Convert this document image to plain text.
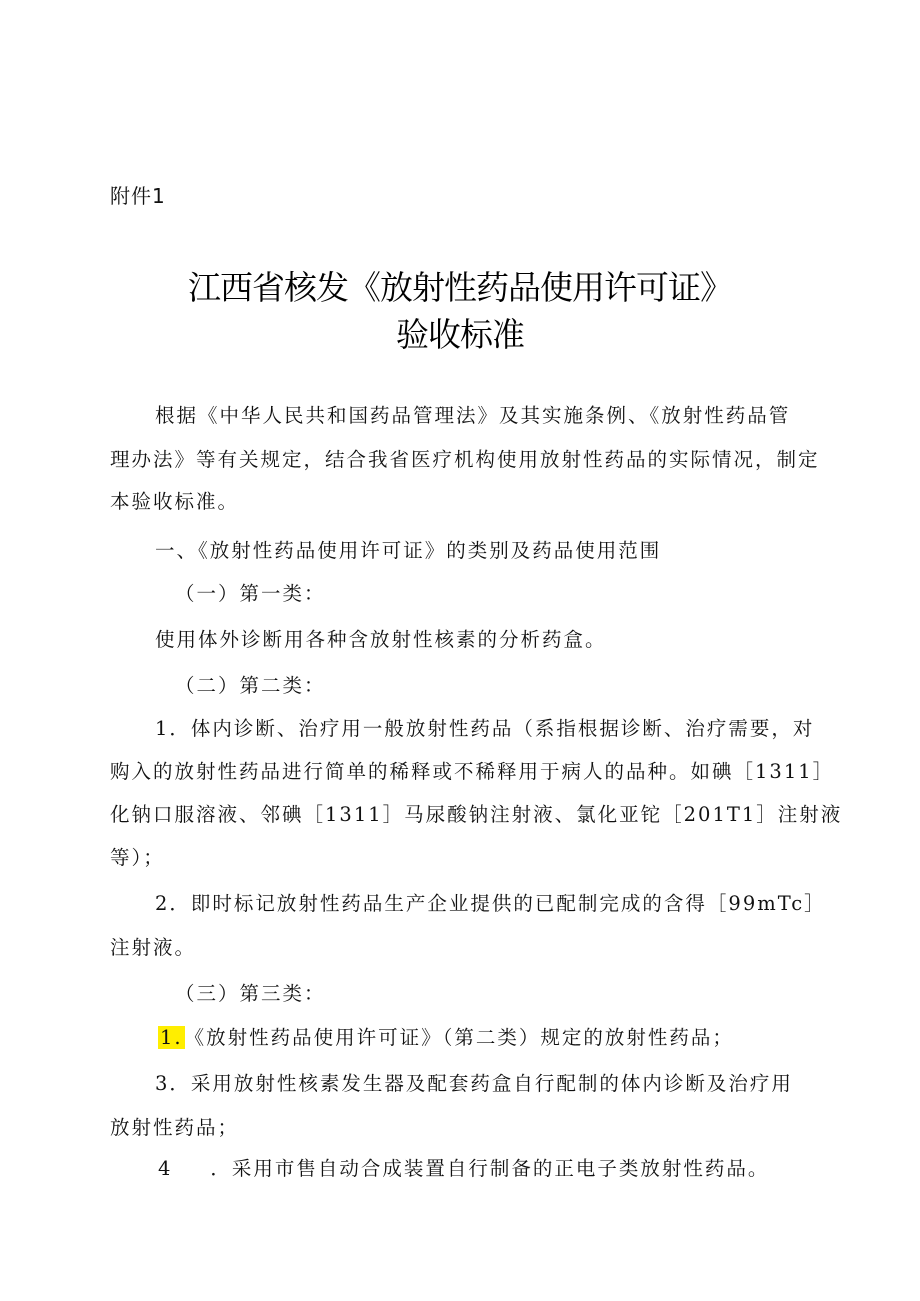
附件1
江西省核发《放射性药品使用许可证》
验收标准
根据《中华人民共和国药品管理法》及其实施条例、《放射性药品管
理办法》等有关规定，结合我省医疗机构使用放射性药品的实际情况，制定
本验收标准。
一、《放射性药品使用许可证》的类别及药品使用范围
（一）第一类：
使用体外诊断用各种含放射性核素的分析药盒。
（二）第二类：
1．体内诊断、治疗用一般放射性药品（系指根据诊断、治疗需要，对
购入的放射性药品进行简单的稀释或不稀释用于病人的品种。如碘［1311］
化钠口服溶液、邻碘［1311］马尿酸钠注射液、氯化亚铊［201T1］注射液
等）；
2．即时标记放射性药品生产企业提供的已配制完成的含得［99mTc］
注射液。
（三）第三类：
1. 《放射性药品使用许可证》（第二类）规定的放射性药品；
3．采用放射性核素发生器及配套药盒自行配制的体内诊断及治疗用
放射性药品；
4 ．采用市售自动合成装置自行制备的正电子类放射性药品。
